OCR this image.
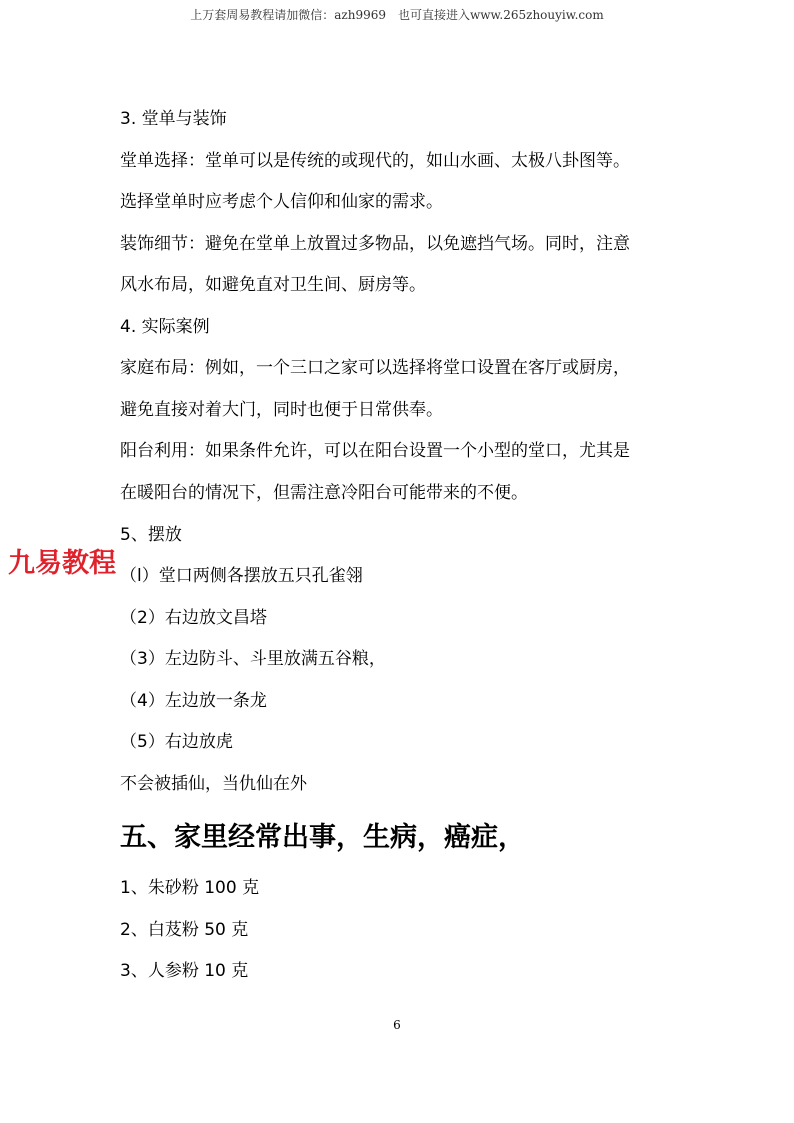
上万套周易教程请加微信：azh9969　也可直接进入www.265zhouyiw.com
3. 堂单与装饰
堂单选择：堂单可以是传统的或现代的，如山水画、太极八卦图等。
选择堂单时应考虑个人信仰和仙家的需求。
装饰细节：避免在堂单上放置过多物品，以免遮挡气场。同时，注意
风水布局，如避免直对卫生间、厨房等。
4. 实际案例
家庭布局：例如，一个三口之家可以选择将堂口设置在客厅或厨房，
避免直接对着大门，同时也便于日常供奉。
阳台利用：如果条件允许，可以在阳台设置一个小型的堂口，尤其是
在暖阳台的情况下，但需注意冷阳台可能带来的不便。
5、摆放
（l）堂口两侧各摆放五只孔雀翎
（2）右边放文昌塔
（3）左边防斗、斗里放满五谷粮，
（4）左边放一条龙
（5）右边放虎
不会被插仙，当仇仙在外
五、家里经常出事，生病，癌症，
1、朱砂粉 100 克
2、白芨粉 50 克
3、人参粉 10 克
九易教程
6
